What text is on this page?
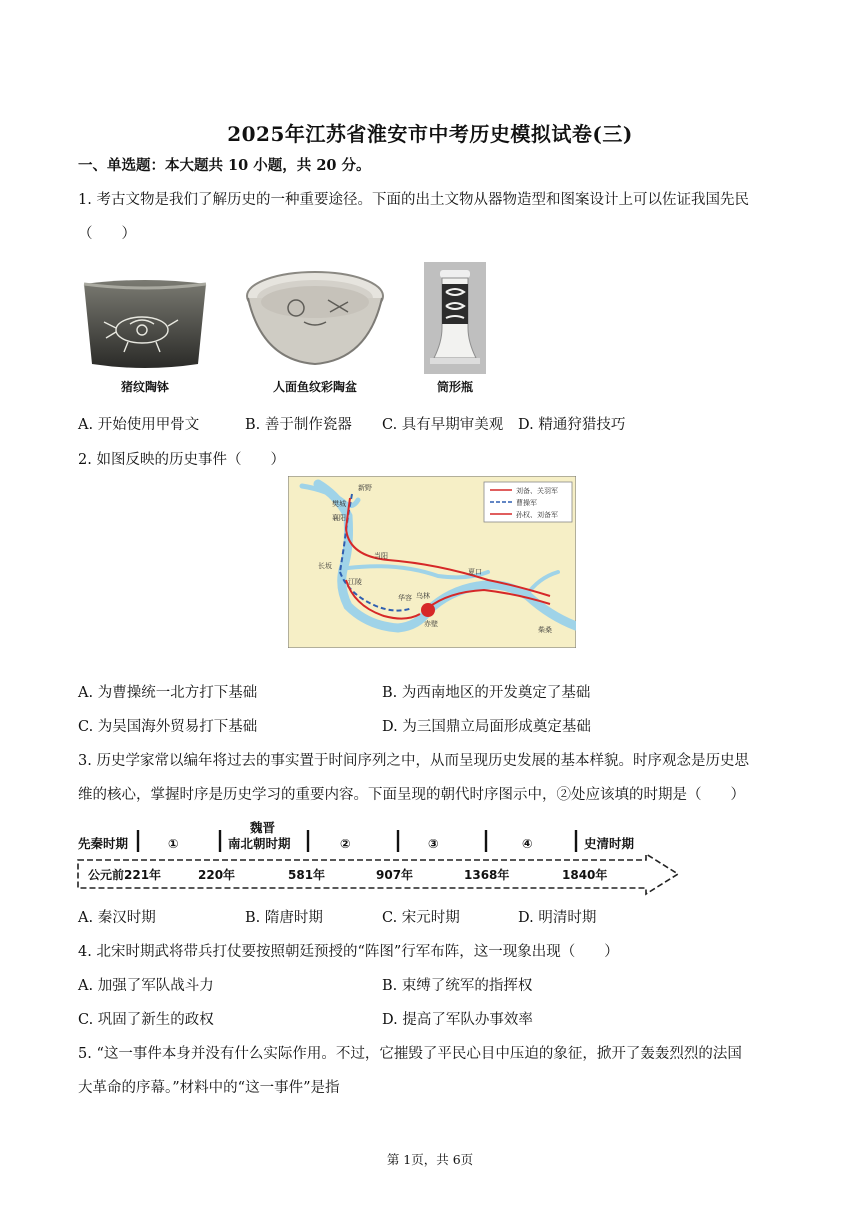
2025年江苏省淮安市中考历史模拟试卷(三)
一、单选题：本大题共 10 小题，共 20 分。
1. 考古文物是我们了解历史的一种重要途径。下面的出土文物从器物造型和图案设计上可以佐证我国先民
（　　）
猪纹陶钵	人面鱼纹彩陶盆	筒形瓶
A. 开始使用甲骨文	B. 善于制作瓷器 C. 具有早期审美观 D. 精通狩猎技巧
2. 如图反映的历史事件（　　）
刘备、关羽军
曹操军
孙权、刘备军
新野
樊城
襄阳
当阳
长坂
江陵
华容 乌林
赤壁
夏口
柴桑
A. 为曹操统一北方打下基础	B. 为西南地区的开发奠定了基础
C. 为吴国海外贸易打下基础	D. 为三国鼎立局面形成奠定基础
3. 历史学家常以编年将过去的事实置于时间序列之中，从而呈现历史发展的基本样貌。时序观念是历史思
维的核心，掌握时序是历史学习的重要内容。下面呈现的朝代时序图示中，②处应该填的时期是（　　）
先秦时期	①
魏晋
南北朝时期	②	③	④	史清时期
公元前221年	220年	581年	907年	1368年	1840年
A. 秦汉时期	B. 隋唐时期	C. 宋元时期	D. 明清时期
4. 北宋时期武将带兵打仗要按照朝廷预授的“阵图”行军布阵，这一现象出现（　　）
A. 加强了军队战斗力	B. 束缚了统军的指挥权
C. 巩固了新生的政权	D. 提高了军队办事效率
5. “这一事件本身并没有什么实际作用。不过，它摧毁了平民心目中压迫的象征，掀开了轰轰烈烈的法国
大革命的序幕。”材料中的“这一事件”是指
第 1页，共 6页
